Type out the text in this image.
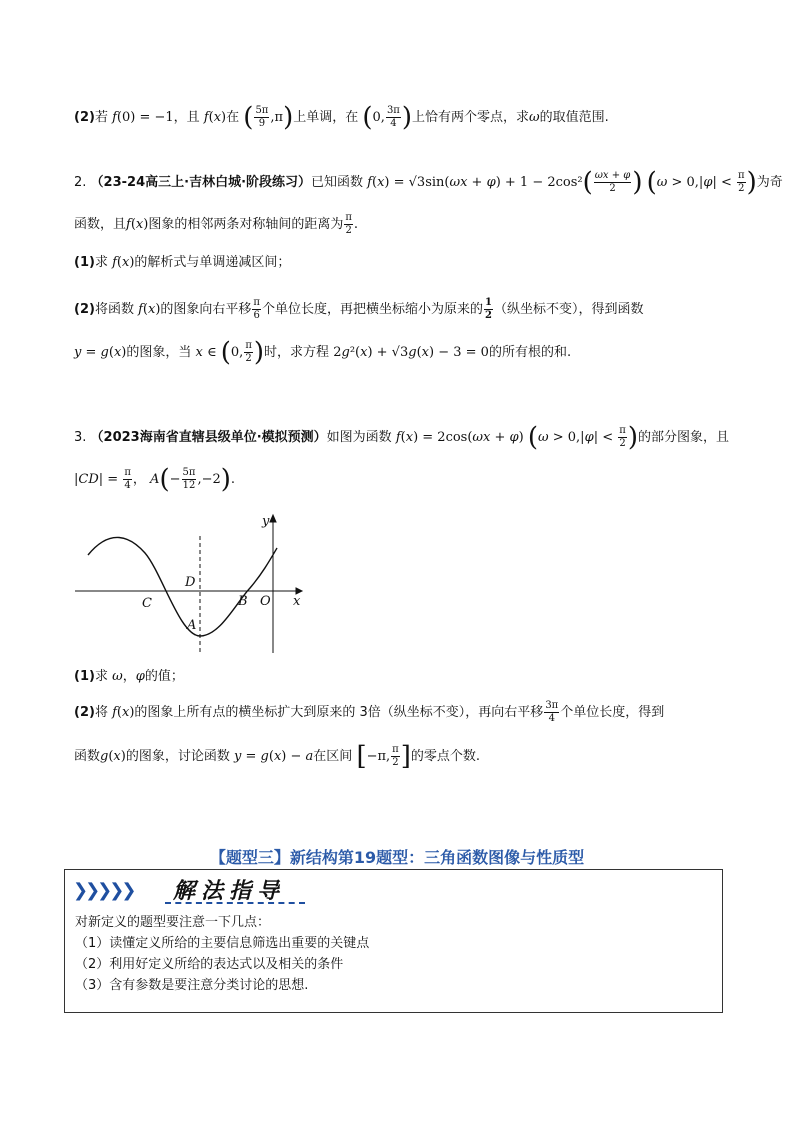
(2)若 f(0) = −1，且 f(x)在 ( $\frac{5\pi}{9} ,\pi$)上单调，在 (0, $\frac{3\pi}{4}$ )上恰有两个零点，求ω的取值范围.
2. （23-24高三上·吉林白城·阶段练习）已知函数 $f(x) = √3\sin(\omega x + \varphi) + 1 - 2\cos^2( \frac{\omega x + \varphi}{2}$ ) ($\omega > 0,|\varphi| < \frac{\pi}{2}$ )为奇
函数，且f(x)图象的相邻两条对称轴间的距离为 $\frac{\pi}{2}$ .
(1)求 f(x)的解析式与单调递减区间；
(2)将函数 f(x)的图象向右平移 $\frac{\pi}{6}$ 个单位长度，再把横坐标缩小为原来的 $\frac{1}{2}$ （纵坐标不变），得到函数
y = g(x)的图象，当 x ∈ (0, $\frac{\pi}{2}$ )时，求方程 2g²(x) + √3g(x) − 3 = 0的所有根的和.
3. （2023海南省直辖县级单位·模拟预测）如图为函数 f(x) = 2cos(ωx + φ) ($\omega > 0,|\varphi| < \frac{\pi}{2}$ )的部分图象，且
$|CD| = \frac{\pi}{4}$ ， $A(- \frac{5\pi}{12} ,-2)$.
y
x
D
C	B O
A
(1)求 ω，φ的值；
(2)将 f(x)的图象上所有点的横坐标扩大到原来的 3倍（纵坐标不变），再向右平移 $\frac{3\pi}{4}$ 个单位长度，得到
函数g(x)的图象，讨论函数 y = g(x) − a在区间 [−π, $\frac{\pi}{2}$ ]的零点个数.
【题型三】新结构第19题型：三角函数图像与性质型
❯❯❯❯❯ 解法指导
对新定义的题型要注意一下几点：
（1）读懂定义所给的主要信息筛选出重要的关键点
（2）利用好定义所给的表达式以及相关的条件
（3）含有参数是要注意分类讨论的思想.
